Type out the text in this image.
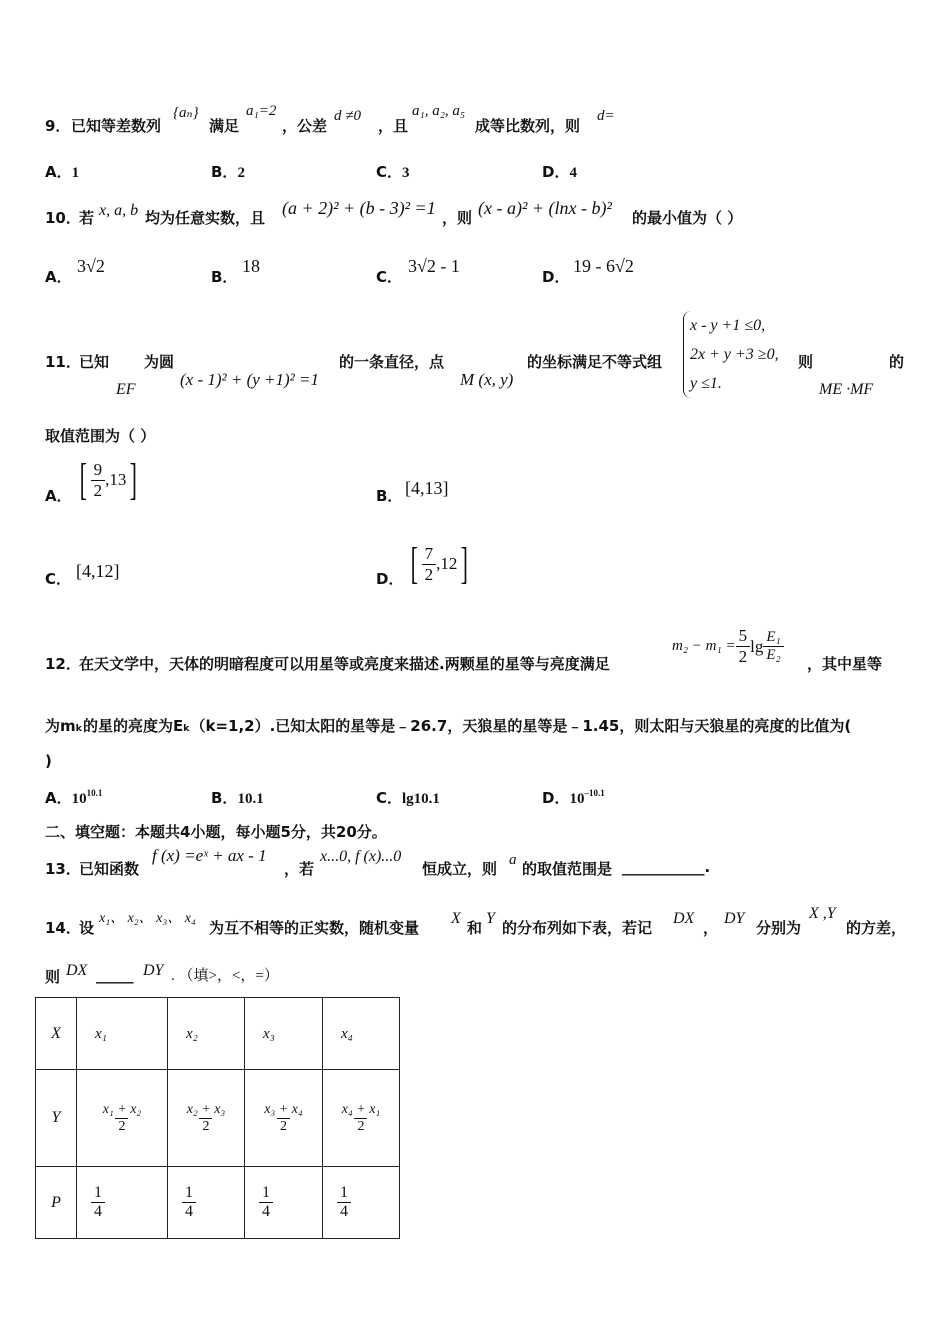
9． 已知等差数列
{aₙ}
满足
a₁=2
，公差
d ≠0
，且
a₁, a₂, a₅
成等比数列，则
d=
A．1	B．2	C．3	D．4
10．
若 x, a, b 均为任意实数，且 (a + 2)² + (b - 3)² =1 ，则 (x - a)² + (lnx - b)² 的最小值为（ ）
A．
3√2
B．
18
C．
3√2 - 1
D．
19 - 6√2
11．
已知
EF
为圆
(x - 1)² + (y +1)² =1
的一条直径，点
M (x, y)
的坐标满足不等式组
x - y +1 ≤0,
2x + y +3 ≥0,
y ≤1.
则
ME ·MF
的
取值范围为（ ）
A． [ $\frac{9}{2} ,13$ ]	B． [4,13]
C． [4,12]	D． [ $\frac{7}{2} ,12$ ]
12．
在天文学中，天体的明暗程度可以用星等或亮度来描述.两颗星的星等与亮度满足
$m_2 - m_1 = \frac{5}{2}$ $\lg \frac{\text{E₁}}{\text{E₂}}$ ，其中星等
为mₖ的星的亮度为Eₖ（k=1,2）.已知太阳的星等是﹣26.7，天狼星的星等是﹣1.45，则太阳与天狼星的亮度的比值为(
)
A．$10^{10.1}$	B．10.1	C．lg10.1	D．$10^{-10.1}$
二、填空题：本题共4小题，每小题5分，共20分。
13．
已知函数
f (x) =eˣ + ax - 1
，若
x...0, f (x)...0
恒成立，则 a 的取值范围是 ___________.
14．
设
x₁、 x₂、 x₃、 x₄
为互不相等的正实数，随机变量
X
和
Y
的分布列如下表，若记
DX
，
DY
分别为
X ,Y
的方差，
则 DX _____ DY . （填>，<，=）
X	x₁	x₂	x₃	x₄
Y	$\frac{\text{x₁ + x₂}}{2}$	$\frac{\text{x₂ + x₃}}{2}$	$\frac{\text{x₃ + x₄}}{2}$	$\frac{\text{x₄ + x₁}}{2}$

P	$\frac{1}{4}$	$\frac{1}{4}$	$\frac{1}{4}$	$\frac{1}{4}$
